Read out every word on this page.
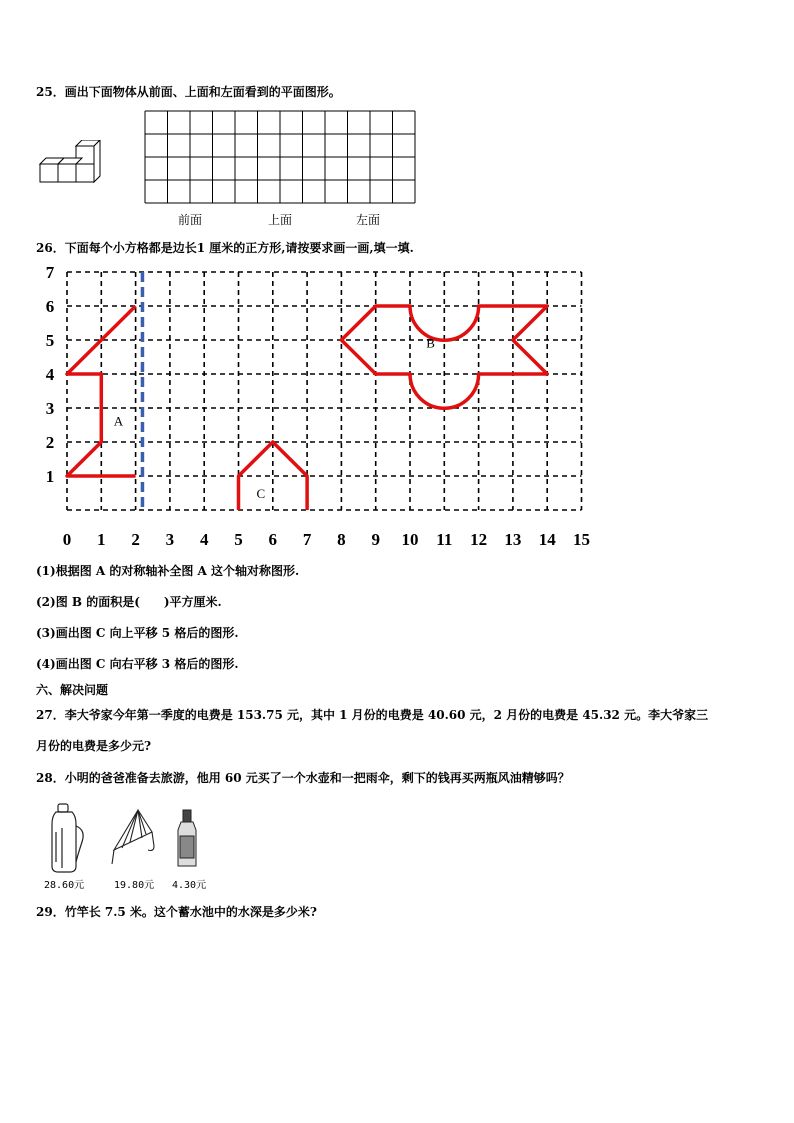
25．画出下面物体从前面、上面和左面看到的平面图形。
前面	上面	左面
26．下面每个小方格都是边长1 厘米的正方形,请按要求画一画,填一填.
0 1 2 3 4 5 6 7 8 9 10 11 12 13 14 15
1
2
3
4
5
6
7
A
C
B
(1)根据图 A 的对称轴补全图 A 这个轴对称图形.
(2)图 B 的面积是(　　)平方厘米.
(3)画出图 C 向上平移 5 格后的图形.
(4)画出图 C 向右平移 3 格后的图形.
六、解决问题
27．李大爷家今年第一季度的电费是 153.75 元，其中 1 月份的电费是 40.60 元，2 月份的电费是 45.32 元。李大爷家三
月份的电费是多少元?
28．小明的爸爸准备去旅游，他用 60 元买了一个水壶和一把雨伞，剩下的钱再买两瓶风油精够吗？
28.60元	19.80元 4.30元
29．竹竿长 7.5 米。这个蓄水池中的水深是多少米?
